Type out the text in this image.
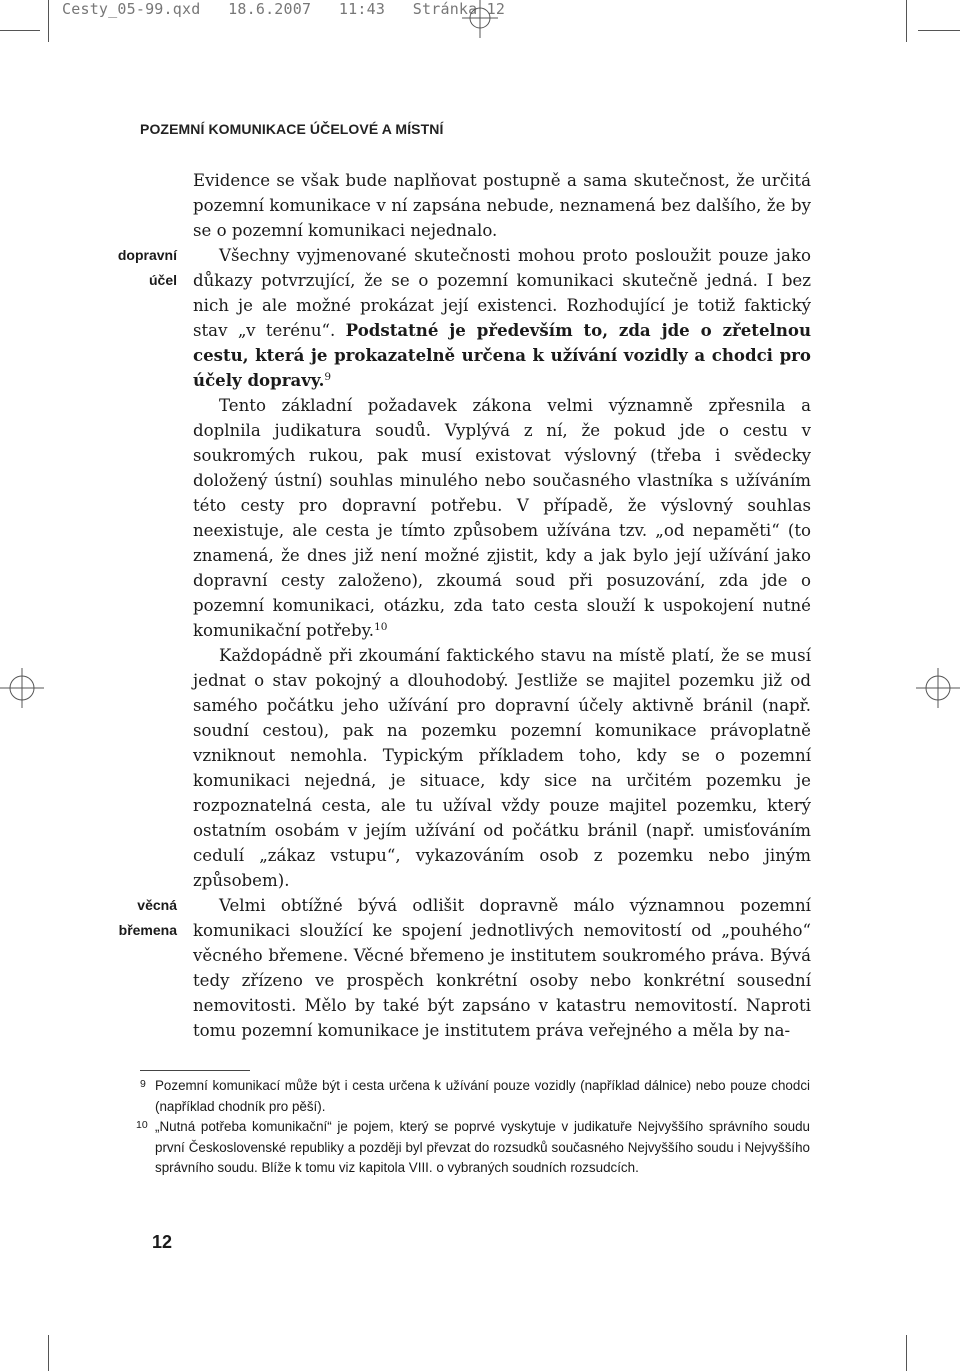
Cesty_05-99.qxd   18.6.2007   11:43   Stránka 12
POZEMNÍ KOMUNIKACE ÚČELOVÉ A MÍSTNÍ
dopravní
účel
věcná
břemena

Evidence se však bude naplňovat postupně a sama skutečnost, že určitá pozemní komunikace v ní zapsána nebude, neznamená bez dalšího, že by se o pozemní komunikaci nejednalo.

Všechny vyjmenované skutečnosti mohou proto posloužit pouze jako důkazy potvrzující, že se o pozemní komunikaci skutečně jedná. I bez nich je ale možné prokázat její existenci. Rozhodující je totiž faktický stav „v terénu“. Podstatné je především to, zda jde o zřetelnou cestu, která je prokazatelně určena k užívání vozidly a chodci pro účely dopravy.$^9$

Tento základní požadavek zákona velmi významně zpřesnila a doplnila judikatura soudů. Vyplývá z ní, že pokud jde o cestu v soukromých rukou, pak musí existovat výslovný (třeba i svědecky doložený ústní) souhlas minulého nebo současného vlastníka s užíváním této cesty pro dopravní potřebu. V případě, že výslovný souhlas neexistuje, ale cesta je tímto způsobem užívána tzv. „od nepaměti“ (to znamená, že dnes již není možné zjistit, kdy a jak bylo její užívání jako dopravní cesty založeno), zkoumá soud při posuzování, zda jde o pozemní komunikaci, otázku, zda tato cesta slouží k uspokojení nutné komunikační potřeby.$^{10}$

Každopádně při zkoumání faktického stavu na místě platí, že se musí jednat o stav pokojný a dlouhodobý. Jestliže se majitel pozemku již od samého počátku jeho užívání pro dopravní účely aktivně bránil (např. soudní cestou), pak na pozemku pozemní komunikace právoplatně vzniknout nemohla. Typickým příkladem toho, kdy se o pozemní komunikaci nejedná, je situace, kdy sice na určitém pozemku je rozpoznatelná cesta, ale tu užíval vždy pouze majitel pozemku, který ostatním osobám v jejím užívání od počátku bránil (např. umisťováním cedulí „zákaz vstupu“, vykazováním osob z pozemku nebo jiným způsobem).

Velmi obtížné bývá odlišit dopravně málo významnou pozemní komunikaci sloužící ke spojení jednotlivých nemovitostí od „pouhého“ věcného břemene. Věcné břemeno je institutem soukromého práva. Bývá tedy zřízeno ve prospěch konkrétní osoby nebo konkrétní sousední nemovitosti. Mělo by také být zapsáno v katastru nemovitostí. Naproti tomu pozemní komunikace je institutem práva veřejného a měla by na-

9 Pozemní komunikací může být i cesta určena k užívání pouze vozidly (například dálnice) nebo pouze chodci (například chodník pro pěší).
10 „Nutná potřeba komunikační“ je pojem, který se poprvé vyskytuje v judikatuře Nejvyššího správního soudu první Československé republiky a později byl převzat do rozsudků současného Nejvyššího soudu i Nejvyššího správního soudu. Blíže k tomu viz kapitola VIII. o vybraných soudních rozsudcích.
12
